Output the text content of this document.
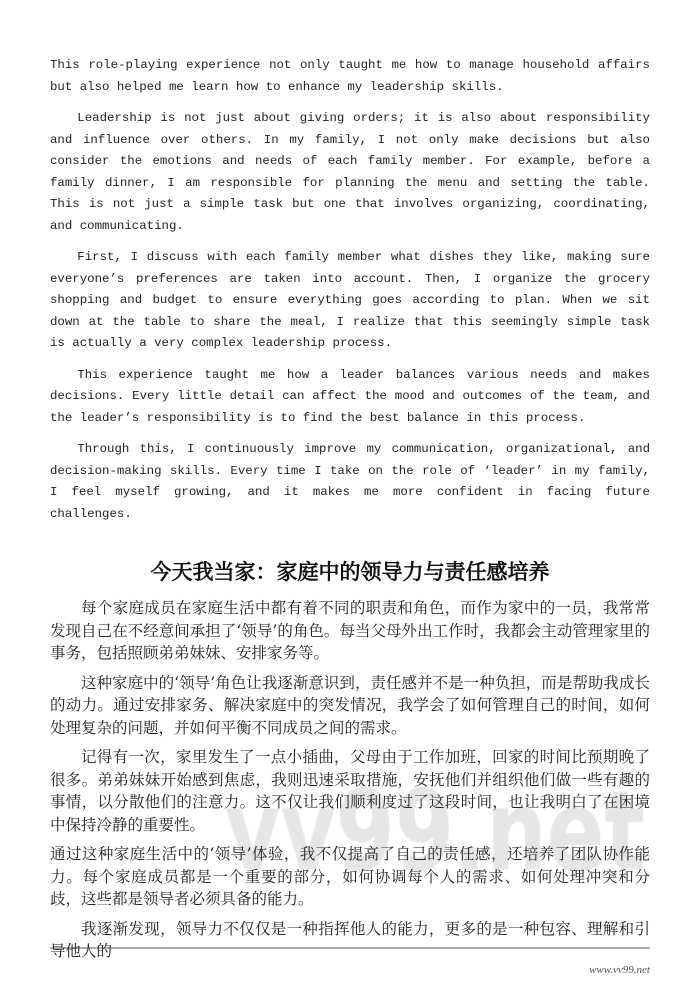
This role-playing experience not only taught me how to manage household affairs but also helped me learn how to enhance my leadership skills.

Leadership is not just about giving orders; it is also about responsibility and influence over others. In my family, I not only make decisions but also consider the emotions and needs of each family member. For example, before a family dinner, I am responsible for planning the menu and setting the table. This is not just a simple task but one that involves organizing, coordinating, and communicating.

First, I discuss with each family member what dishes they like, making sure everyone’s preferences are taken into account. Then, I organize the grocery shopping and budget to ensure everything goes according to plan. When we sit down at the table to share the meal, I realize that this seemingly simple task is actually a very complex leadership process.

This experience taught me how a leader balances various needs and makes decisions. Every little detail can affect the mood and outcomes of the team, and the leader’s responsibility is to find the best balance in this process.

Through this, I continuously improve my communication, organizational, and decision-making skills. Every time I take on the role of ‘leader’ in my family, I feel myself growing, and it makes me more confident in facing future challenges.

今天我当家：家庭中的领导力与责任感培养

每个家庭成员在家庭生活中都有着不同的职责和角色，而作为家中的一员，我常常发现自己在不经意间承担了‘领导’的角色。每当父母外出工作时，我都会主动管理家里的事务，包括照顾弟弟妹妹、安排家务等。

这种家庭中的‘领导’角色让我逐渐意识到，责任感并不是一种负担，而是帮助我成长的动力。通过安排家务、解决家庭中的突发情况，我学会了如何管理自己的时间，如何处理复杂的问题，并如何平衡不同成员之间的需求。

记得有一次，家里发生了一点小插曲，父母由于工作加班，回家的时间比预期晚了很多。弟弟妹妹开始感到焦虑，我则迅速采取措施，安抚他们并组织他们做一些有趣的事情，以分散他们的注意力。这不仅让我们顺利度过了这段时间，也让我明白了在困境中保持冷静的重要性。

通过这种家庭生活中的‘领导’体验，我不仅提高了自己的责任感，还培养了团队协作能力。每个家庭成员都是一个重要的部分，如何协调每个人的需求、如何处理冲突和分歧，这些都是领导者必须具备的能力。

我逐渐发现，领导力不仅仅是一种指挥他人的能力，更多的是一种包容、理解和引导他人的

www.vv99.net
